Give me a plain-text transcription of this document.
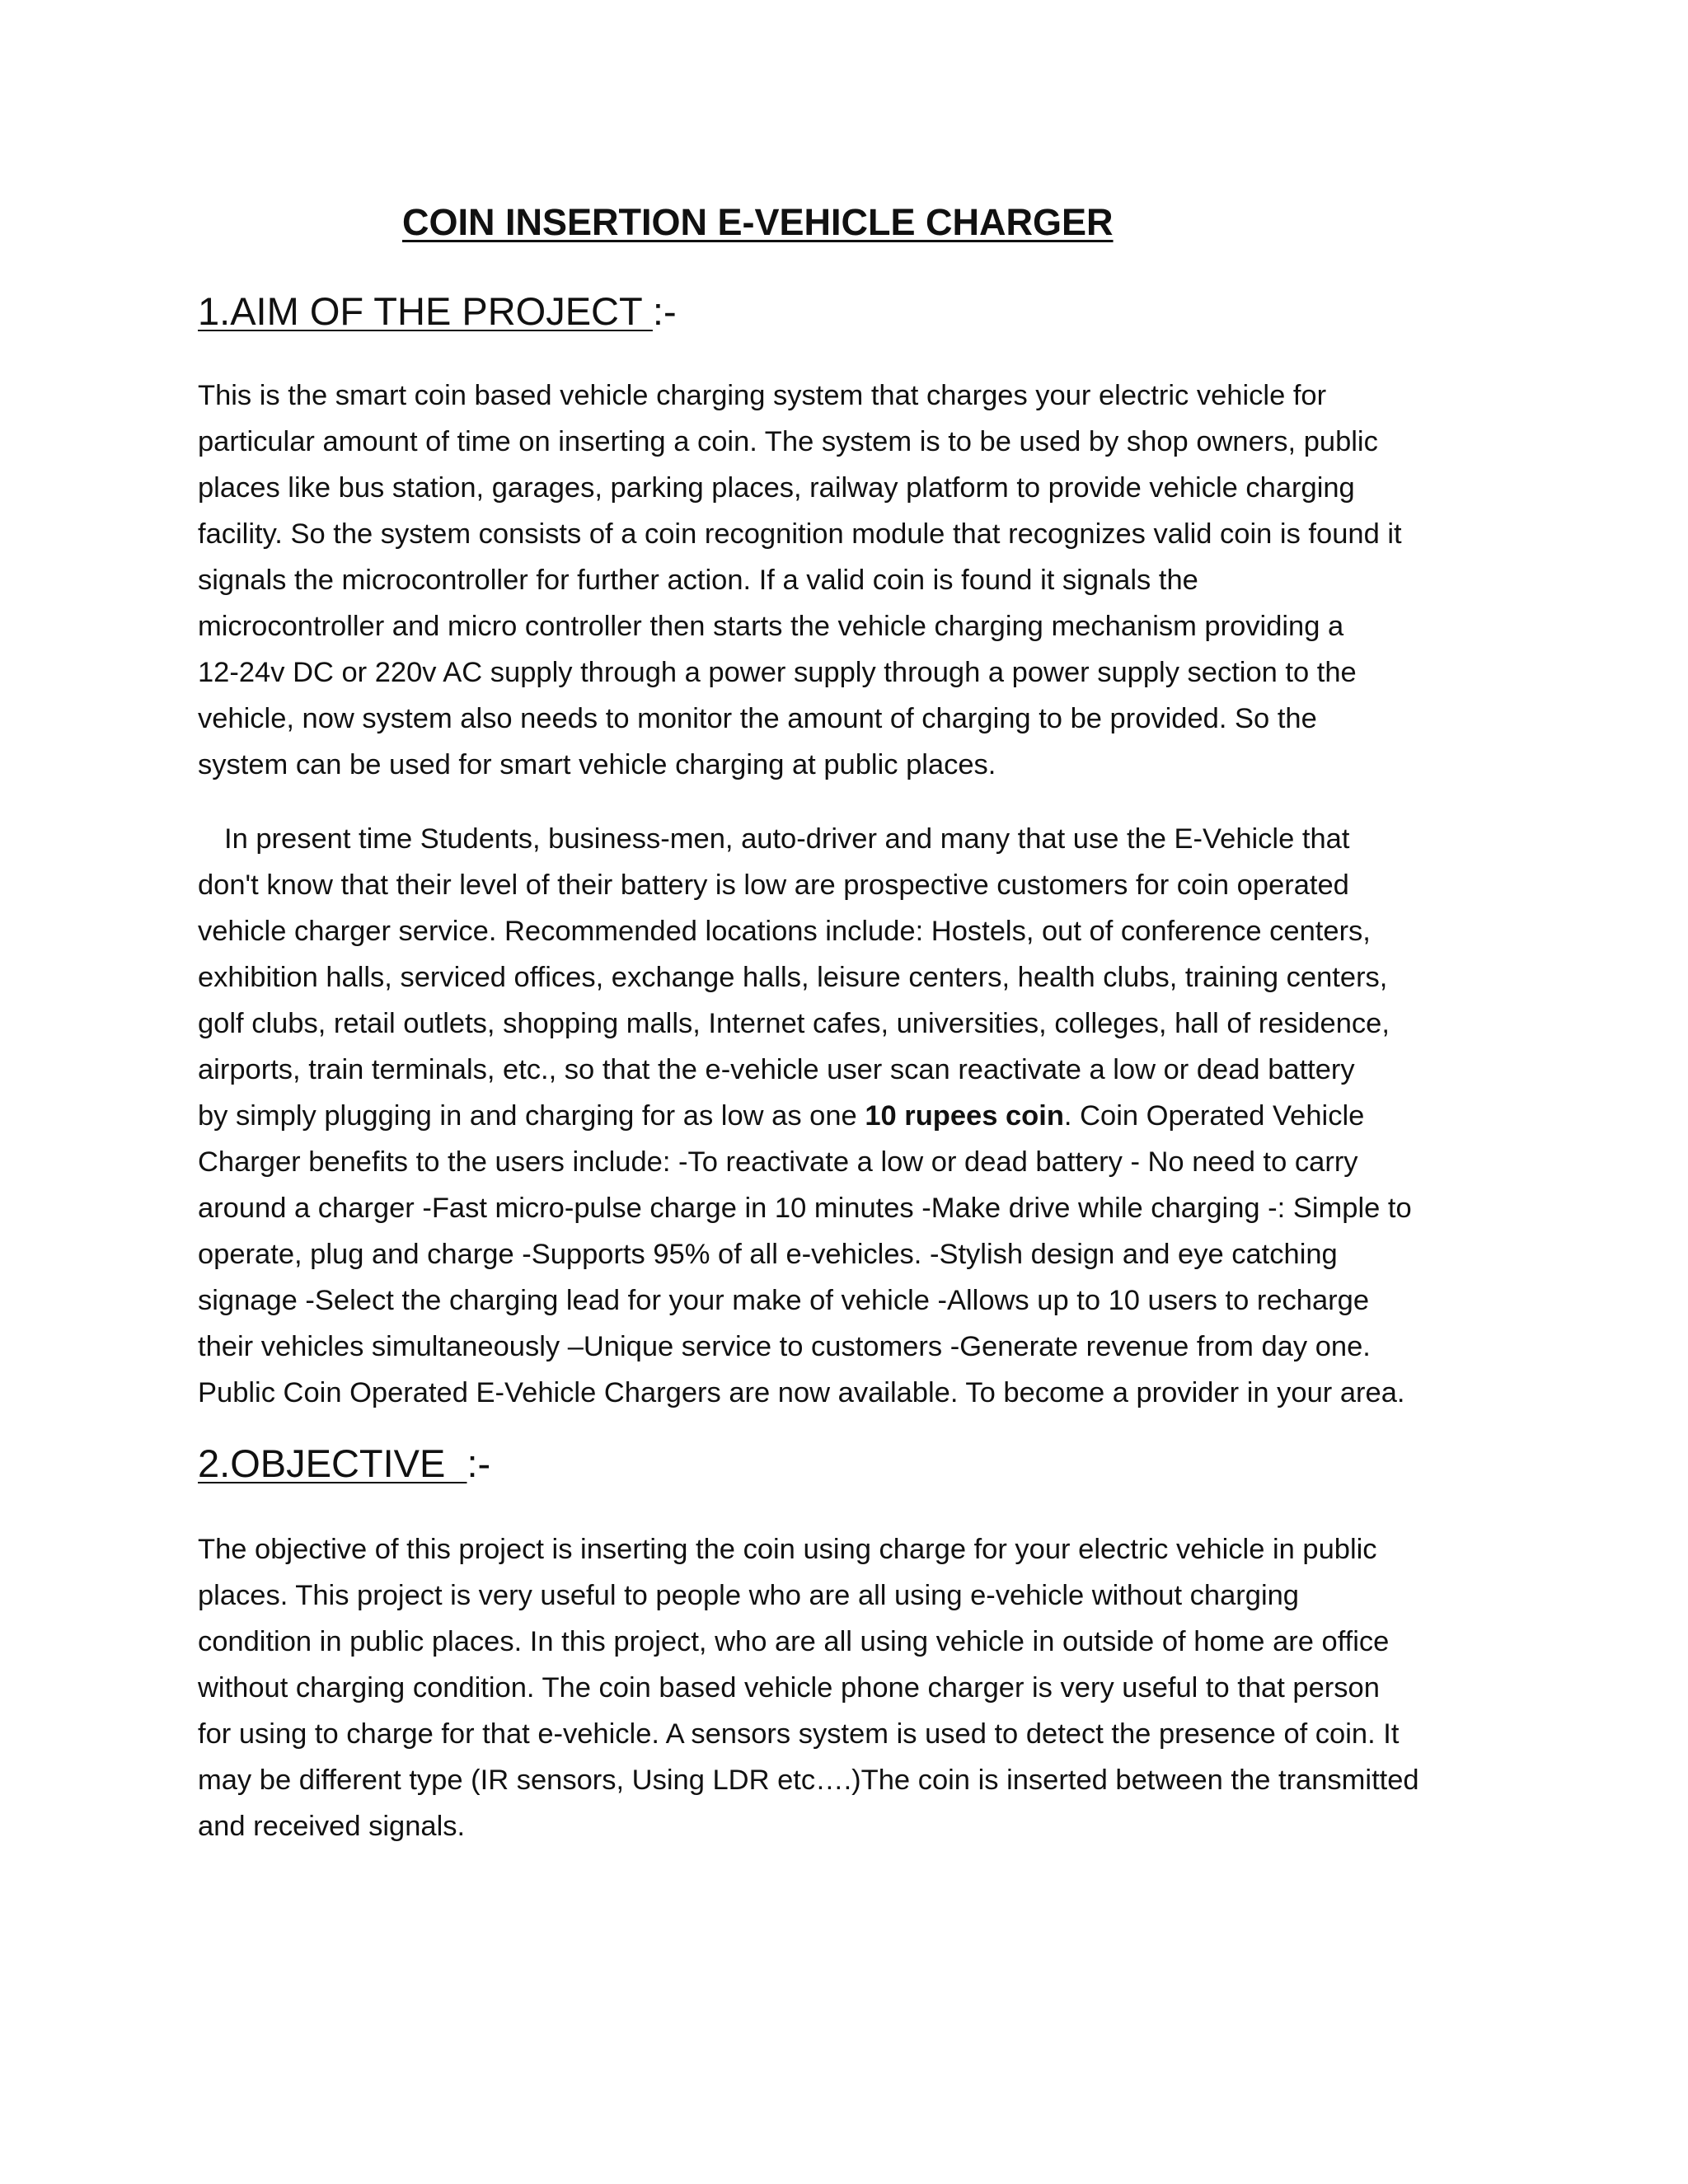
COIN INSERTION E-VEHICLE CHARGER
1.AIM OF THE PROJECT :-

This is the smart coin based vehicle charging system that charges your electric vehicle for
particular amount of time on inserting a coin. The system is to be used by shop owners, public
places like bus station, garages, parking places, railway platform to provide vehicle charging
facility. So the system consists of a coin recognition module that recognizes valid coin is found it
signals the microcontroller for further action. If a valid coin is found it signals the
microcontroller and micro controller then starts the vehicle charging mechanism providing a
12-24v DC or 220v AC supply through a power supply through a power supply section to the
vehicle, now system also needs to monitor the amount of charging to be provided. So the
system can be used for smart vehicle charging at public places.

In present time Students, business-men, auto-driver and many that use the E-Vehicle that
don't know that their level of their battery is low are prospective customers for coin operated
vehicle charger service. Recommended locations include: Hostels, out of conference centers,
exhibition halls, serviced offices, exchange halls, leisure centers, health clubs, training centers,
golf clubs, retail outlets, shopping malls, Internet cafes, universities, colleges, hall of residence,
airports, train terminals, etc., so that the e-vehicle user scan reactivate a low or dead battery
by simply plugging in and charging for as low as one 10 rupees coin. Coin Operated Vehicle
Charger benefits to the users include: -To reactivate a low or dead battery - No need to carry
around a charger -Fast micro-pulse charge in 10 minutes -Make drive while charging -: Simple to
operate, plug and charge -Supports 95% of all e-vehicles. -Stylish design and eye catching
signage -Select the charging lead for your make of vehicle -Allows up to 10 users to recharge
their vehicles simultaneously –Unique service to customers -Generate revenue from day one.
Public Coin Operated E-Vehicle Chargers are now available. To become a provider in your area.

2.OBJECTIVE  :-

The objective of this project is inserting the coin using charge for your electric vehicle in public
places. This project is very useful to people who are all using e-vehicle without charging
condition in public places. In this project, who are all using vehicle in outside of home are office
without charging condition. The coin based vehicle phone charger is very useful to that person
for using to charge for that e-vehicle. A sensors system is used to detect the presence of coin. It
may be different type (IR sensors, Using LDR etc….)The coin is inserted between the transmitted
and received signals.
